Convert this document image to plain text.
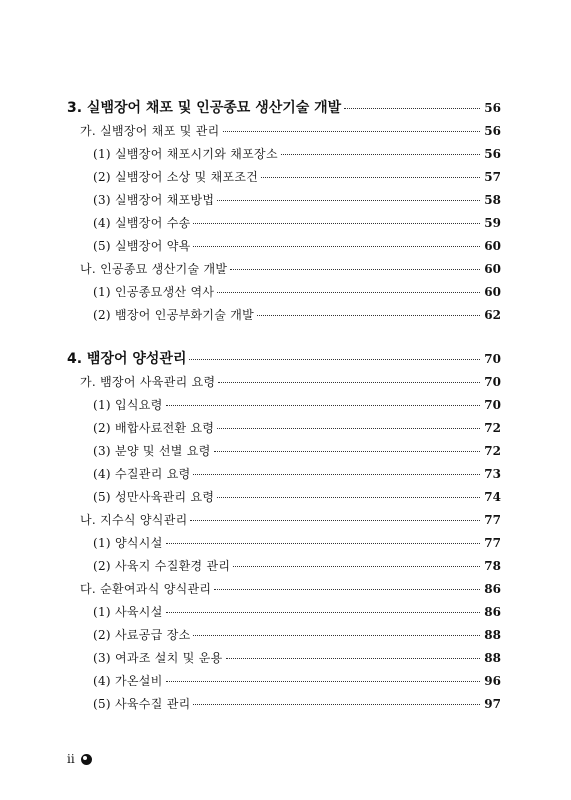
3. 실뱀장어 채포 및 인공종묘 생산기술 개발	56
가. 실뱀장어 채포 및 관리	56
(1) 실뱀장어 채포시기와 채포장소	56
(2) 실뱀장어 소상 및 채포조건	57
(3) 실뱀장어 채포방법	58
(4) 실뱀장어 수송	59
(5) 실뱀장어 약욕	60
나. 인공종묘 생산기술 개발	60
(1) 인공종묘생산 역사	60
(2) 뱀장어 인공부화기술 개발	62
4. 뱀장어 양성관리	70
가. 뱀장어 사육관리 요령	70
(1) 입식요령	70
(2) 배합사료전환 요령	72
(3) 분양 및 선별 요령	72
(4) 수질관리 요령	73
(5) 성만사육관리 요령	74
나. 지수식 양식관리	77
(1) 양식시설	77
(2) 사육지 수질환경 관리	78
다. 순환여과식 양식관리	86
(1) 사육시설	86
(2) 사료공급 장소	88
(3) 여과조 설치 및 운용	88
(4) 가온설비	96
(5) 사육수질 관리	97
ii
